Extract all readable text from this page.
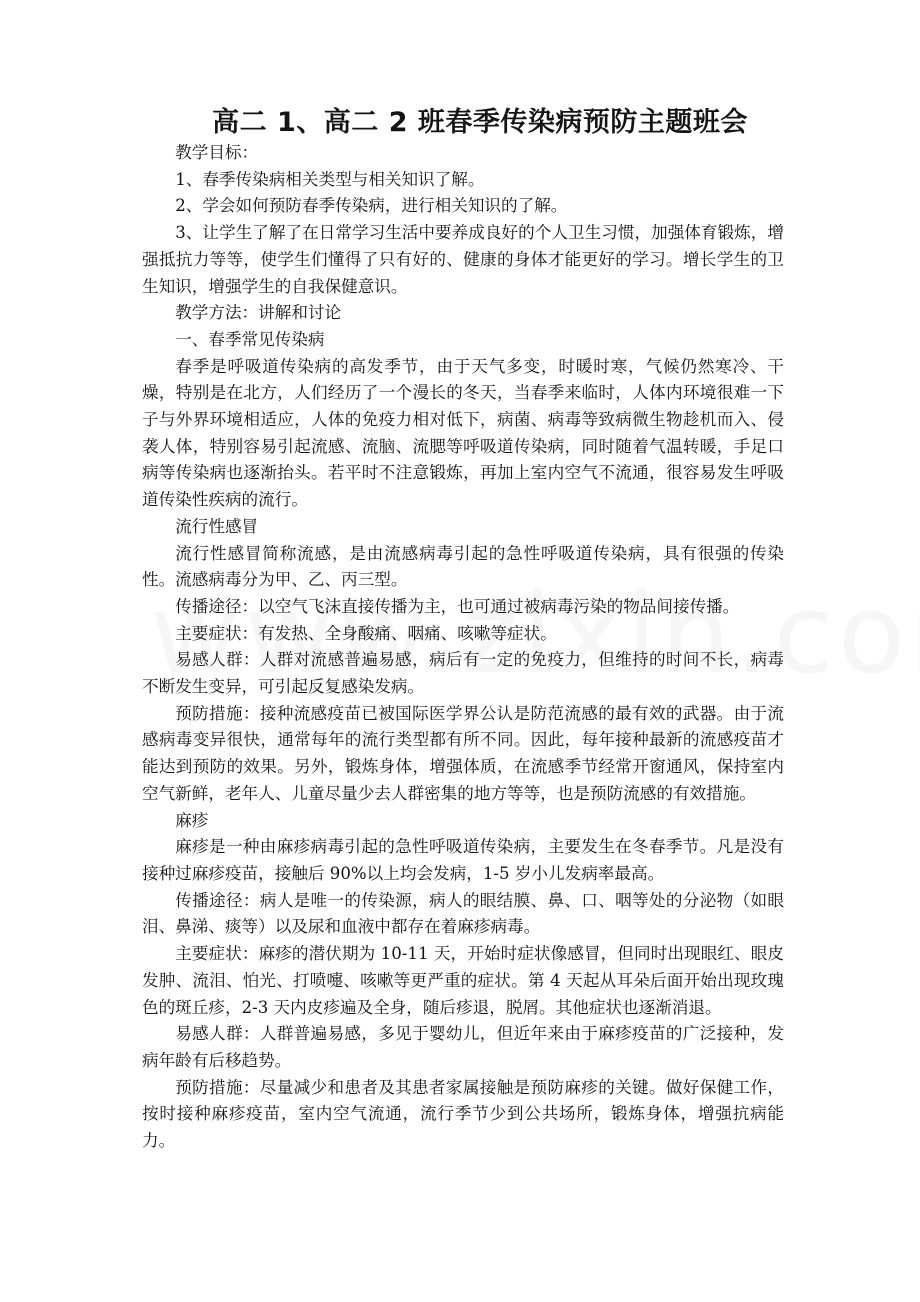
高二 1、高二 2 班春季传染病预防主题班会

教学目标：

1、春季传染病相关类型与相关知识了解。

2、学会如何预防春季传染病，进行相关知识的了解。

3、让学生了解了在日常学习生活中要养成良好的个人卫生习惯，加强体育锻炼，增强抵抗力等等，使学生们懂得了只有好的、健康的身体才能更好的学习。增长学生的卫生知识，增强学生的自我保健意识。

教学方法：讲解和讨论

一、春季常见传染病

春季是呼吸道传染病的高发季节，由于天气多变，时暖时寒，气候仍然寒冷、干燥，特别是在北方，人们经历了一个漫长的冬天，当春季来临时，人体内环境很难一下子与外界环境相适应，人体的免疫力相对低下，病菌、病毒等致病微生物趁机而入、侵袭人体，特别容易引起流感、流脑、流腮等呼吸道传染病，同时随着气温转暖，手足口病等传染病也逐渐抬头。若平时不注意锻炼，再加上室内空气不流通，很容易发生呼吸道传染性疾病的流行。

流行性感冒

流行性感冒简称流感，是由流感病毒引起的急性呼吸道传染病，具有很强的传染性。流感病毒分为甲、乙、丙三型。

传播途径：以空气飞沫直接传播为主，也可通过被病毒污染的物品间接传播。

主要症状：有发热、全身酸痛、咽痛、咳嗽等症状。

易感人群：人群对流感普遍易感，病后有一定的免疫力，但维持的时间不长，病毒不断发生变异，可引起反复感染发病。

预防措施：接种流感疫苗已被国际医学界公认是防范流感的最有效的武器。由于流感病毒变异很快，通常每年的流行类型都有所不同。因此，每年接种最新的流感疫苗才能达到预防的效果。另外，锻炼身体，增强体质，在流感季节经常开窗通风，保持室内空气新鲜，老年人、儿童尽量少去人群密集的地方等等，也是预防流感的有效措施。

麻疹

麻疹是一种由麻疹病毒引起的急性呼吸道传染病，主要发生在冬春季节。凡是没有接种过麻疹疫苗，接触后 90%以上均会发病，1-5 岁小儿发病率最高。

传播途径：病人是唯一的传染源，病人的眼结膜、鼻、口、咽等处的分泌物（如眼泪、鼻涕、痰等）以及尿和血液中都存在着麻疹病毒。

主要症状：麻疹的潜伏期为 10-11 天，开始时症状像感冒，但同时出现眼红、眼皮发肿、流泪、怕光、打喷嚏、咳嗽等更严重的症状。第 4 天起从耳朵后面开始出现玫瑰色的斑丘疹，2-3 天内皮疹遍及全身，随后疹退，脱屑。其他症状也逐渐消退。

易感人群：人群普遍易感，多见于婴幼儿，但近年来由于麻疹疫苗的广泛接种，发病年龄有后移趋势。

预防措施：尽量减少和患者及其患者家属接触是预防麻疹的关键。做好保健工作，按时接种麻疹疫苗，室内空气流通，流行季节少到公共场所，锻炼身体，增强抗病能力。
